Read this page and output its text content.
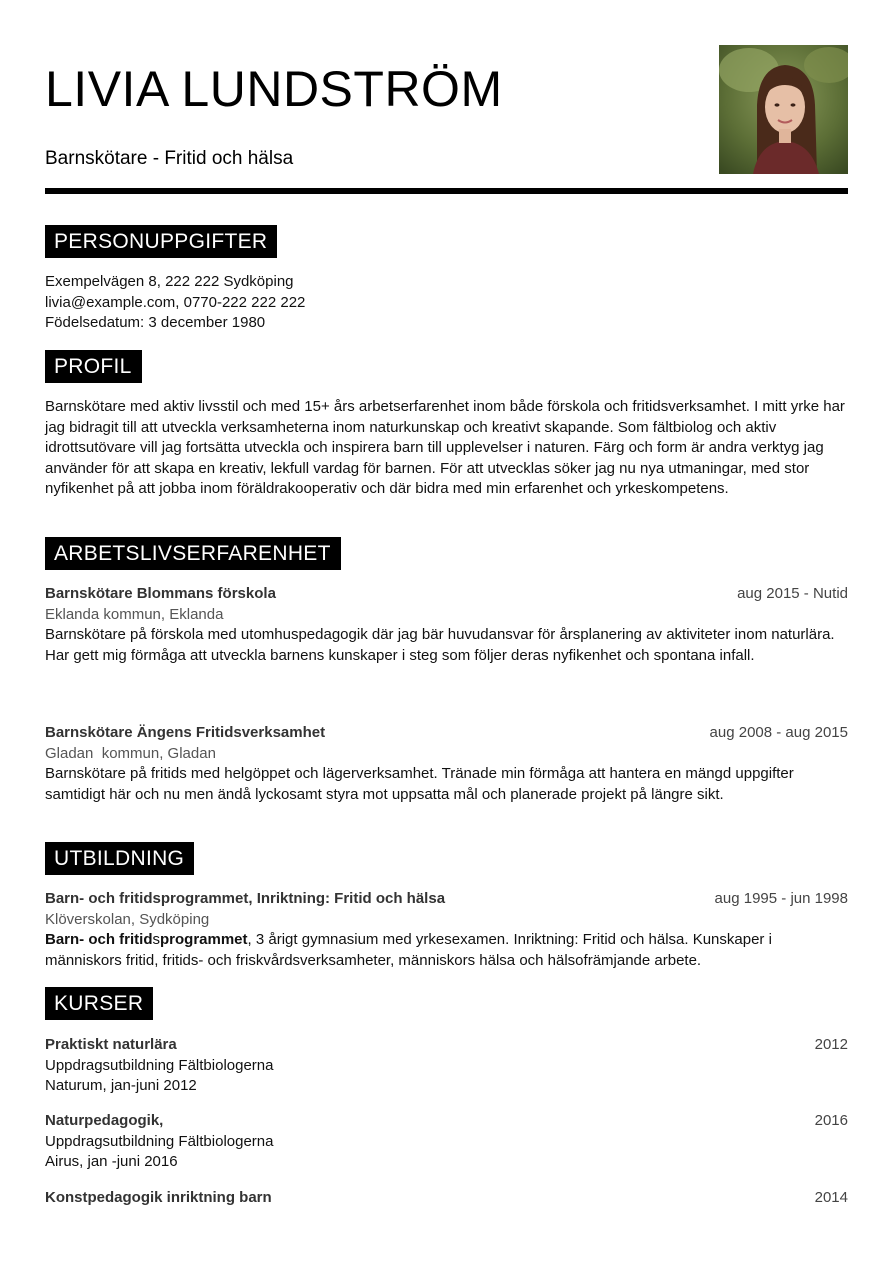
LIVIA LUNDSTRÖM
Barnskötare - Fritid och hälsa
PERSONUPPGIFTER
Exempelvägen 8, 222 222 Sydköping
livia@example.com, 0770-222 222 222
Födelsedatum: 3 december 1980
PROFIL
Barnskötare med aktiv livsstil och med 15+ års arbetserfarenhet inom både förskola och fritidsverksamhet. I mitt yrke har jag bidragit till att utveckla verksamheterna inom naturkunskap och kreativt skapande. Som fältbiolog och aktiv idrottsutövare vill jag fortsätta utveckla och inspirera barn till upplevelser i naturen. Färg och form är andra verktyg jag använder för att skapa en kreativ, lekfull vardag för barnen. För att utvecklas söker jag nu nya utmaningar, med stor nyfikenhet på att jobba inom föräldrakooperativ och där bidra med min erfarenhet och yrkeskompetens.
ARBETSLIVSERFARENHET
Barnskötare Blommans förskola	aug 2015 - Nutid
Eklanda kommun, Eklanda
Barnskötare på förskola med utomhuspedagogik där jag bär huvudansvar för årsplanering av aktiviteter inom naturlära. Har gett mig förmåga att utveckla barnens kunskaper i steg som följer deras nyfikenhet och spontana infall.
Barnskötare Ängens Fritidsverksamhet	aug 2008 - aug 2015
Gladan  kommun, Gladan
Barnskötare på fritids med helgöppet och lägerverksamhet. Tränade min förmåga att hantera en mängd uppgifter samtidigt här och nu men ändå lyckosamt styra mot uppsatta mål och planerade projekt på längre sikt.
UTBILDNING
Barn- och fritidsprogrammet, Inriktning: Fritid och hälsa	aug 1995 - jun 1998
Klöverskolan, Sydköping
Barn- och fritidsprogrammet, 3 årigt gymnasium med yrkesexamen. Inriktning: Fritid och hälsa. Kunskaper i människors fritid, fritids- och friskvårdsverksamheter, människors hälsa och hälsofrämjande arbete.
KURSER
Praktiskt naturlära	2012
Uppdragsutbildning Fältbiologerna
Naturum, jan-juni 2012
Naturpedagogik,	2016
Uppdragsutbildning Fältbiologerna
Airus, jan -juni 2016
Konstpedagogik inriktning barn	2014
